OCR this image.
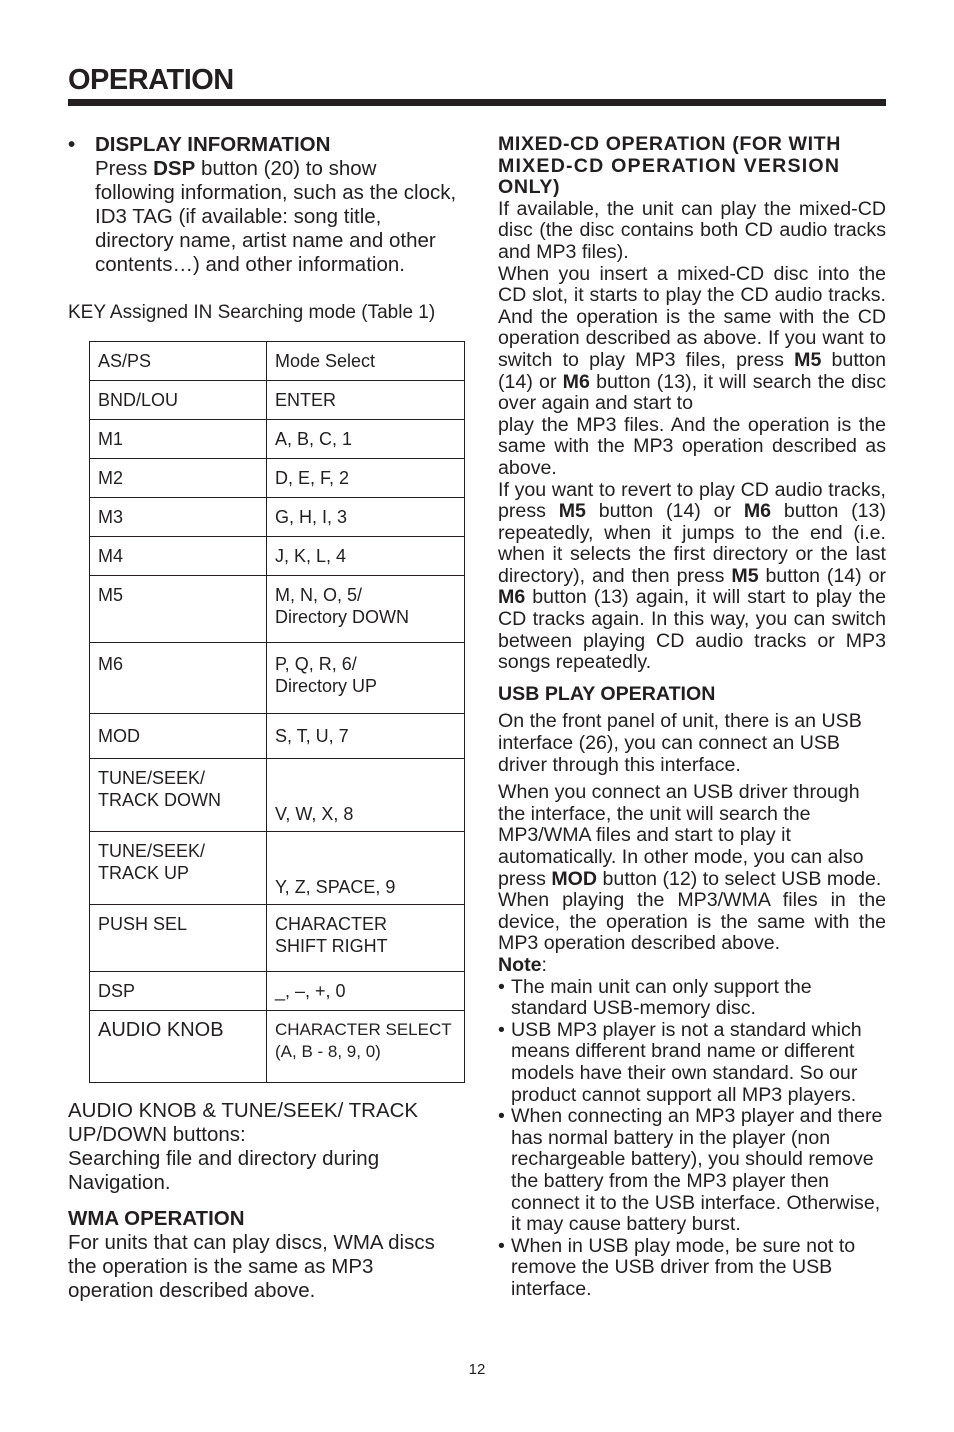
OPERATION
• DISPLAY INFORMATION

Press DSP button (20) to show following information, such as the clock, ID3 TAG (if available: song title, directory name, artist name and other contents…) and other information.

KEY Assigned IN Searching mode (Table 1)
AS/PS	Mode Select
BND/LOU	ENTER
M1	A, B, C, 1
M2	D, E, F, 2
M3	G, H, I, 3
M4	J, K, L, 4
M5	M, N, O, 5/
Directory DOWN

M6	P, Q, R, 6/
Directory UP

MOD	S, T, U, 7

TUNE/SEEK/
TRACK DOWN	V, W, X, 8

TUNE/SEEK/
TRACK UP	Y, Z, SPACE, 9
PUSH SEL	CHARACTER
SHIFT RIGHT

DSP	_, –, +, 0
AUDIO KNOB	CHARACTER SELECT
(A, B - 8, 9, 0)
AUDIO KNOB & TUNE/SEEK/ TRACK UP/DOWN buttons:
Searching file and directory during Navigation.
WMA OPERATION

For units that can play discs, WMA discs the operation is the same as MP3 operation described above.

MIXED-CD OPERATION (FOR WITH
MIXED-CD OPERATION VERSION
ONLY)

If available, the unit can play the mixed-CD disc (the disc contains both CD audio tracks and MP3 files).

When you insert a mixed-CD disc into the CD slot, it starts to play the CD audio tracks. And the operation is the same with the CD operation described as above. If you want to switch to play MP3 files, press M5 button (14) or M6 button (13), it will search the disc over again and start to

play the MP3 files. And the operation is the same with the MP3 operation described as above.

If you want to revert to play CD audio tracks, press M5 button (14) or M6 button (13) repeatedly, when it jumps to the end (i.e. when it selects the first directory or the last directory), and then press M5 button (14) or M6 button (13) again, it will start to play the CD tracks again. In this way, you can switch between playing CD audio tracks or MP3 songs repeatedly.

USB PLAY OPERATION

On the front panel of unit, there is an USB interface (26), you can connect an USB driver through this interface.

When you connect an USB driver through the interface, the unit will search the MP3/WMA files and start to play it automatically. In other mode, you can also press MOD button (12) to select USB mode.

When playing the MP3/WMA files in the device, the operation is the same with the MP3 operation described above.

Note:

• The main unit can only support the standard USB-memory disc.

• USB MP3 player is not a standard which means different brand name or different models have their own standard. So our product cannot support all MP3 players.

• When connecting an MP3 player and there has normal battery in the player (non rechargeable battery), you should remove the battery from the MP3 player then connect it to the USB interface. Otherwise, it may cause battery burst.

• When in USB play mode, be sure not to remove the USB driver from the USB interface.

12
